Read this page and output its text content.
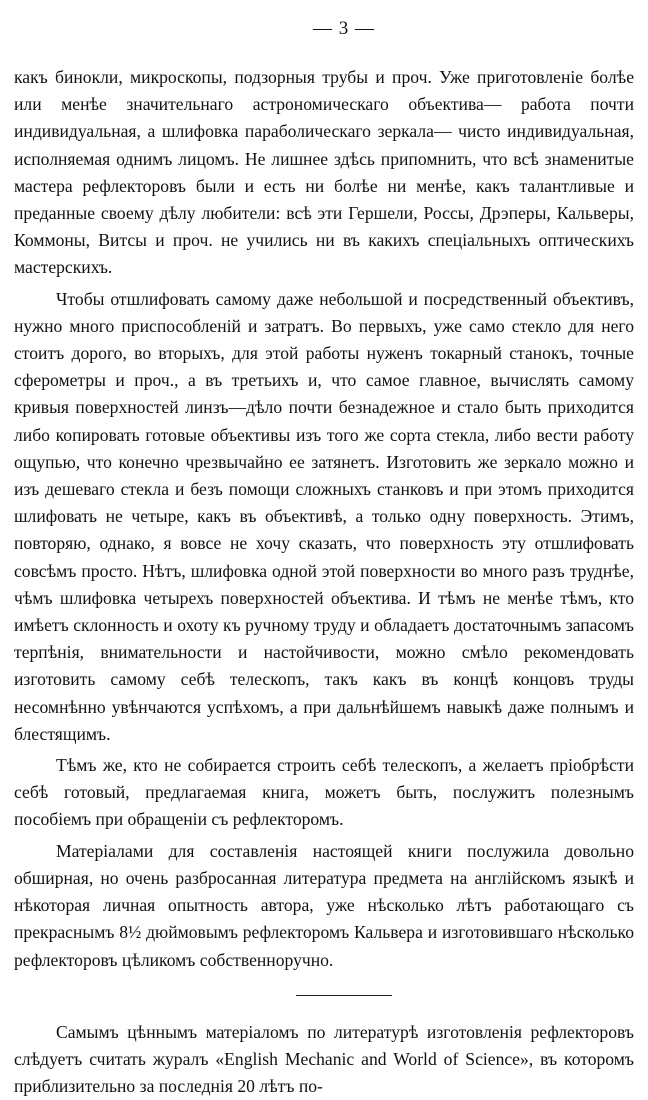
— 3 —

какъ бинокли, микроскопы, подзорныя трубы и проч. Уже приготовленіе болѣе или менѣе значительнаго астрономическаго объектива— работа почти индивидуальная, а шлифовка параболическаго зеркала— чисто индивидуальная, исполняемая однимъ лицомъ. Не лишнее здѣсь припомнить, что всѣ знаменитые мастера рефлекторовъ были и есть ни болѣе ни менѣе, какъ талантливые и преданные своему дѣлу любители: всѣ эти Гершели, Россы, Дрэперы, Кальверы, Коммоны, Витсы и проч. не учились ни въ какихъ спеціальныхъ оптическихъ мастерскихъ.

Чтобы отшлифовать самому даже небольшой и посредственный объективъ, нужно много приспособленій и затратъ. Во первыхъ, уже само стекло для него стоитъ дорого, во вторыхъ, для этой работы нуженъ токарный станокъ, точные сферометры и проч., а въ третьихъ и, что самое главное, вычислять самому кривыя поверхностей линзъ—дѣло почти безнадежное и стало быть приходится либо копировать готовые объективы изъ того же сорта стекла, либо вести работу ощупью, что конечно чрезвычайно ее затянетъ. Изготовить же зеркало можно и изъ дешеваго стекла и безъ помощи сложныхъ станковъ и при этомъ приходится шлифовать не четыре, какъ въ объективѣ, а только одну поверхность. Этимъ, повторяю, однако, я вовсе не хочу сказать, что поверхность эту отшлифовать совсѣмъ просто. Нѣтъ, шлифовка одной этой поверхности во много разъ труднѣе, чѣмъ шлифовка четырехъ поверхностей объектива. И тѣмъ не менѣе тѣмъ, кто имѣетъ склонность и охоту къ ручному труду и обладаетъ достаточнымъ запасомъ терпѣнія, внимательности и настойчивости, можно смѣло рекомендовать изготовить самому себѣ телескопъ, такъ какъ въ концѣ концовъ труды несомнѣнно увѣнчаются успѣхомъ, а при дальнѣйшемъ навыкѣ даже полнымъ и блестящимъ.

Тѣмъ же, кто не собирается строить себѣ телескопъ, а желаетъ пріобрѣсти себѣ готовый, предлагаемая книга, можетъ быть, послужитъ полезнымъ пособіемъ при обращеніи съ рефлекторомъ.

Матеріалами для составленія настоящей книги послужила довольно обширная, но очень разбросанная литература предмета на англійскомъ языкѣ и нѣкоторая личная опытность автора, уже нѣсколько лѣтъ работающаго съ прекраснымъ 8½ дюймовымъ рефлекторомъ Кальвера и изготовившаго нѣсколько рефлекторовъ цѣликомъ собственноручно.

Самымъ цѣннымъ матеріаломъ по литературѣ изготовленія рефлекторовъ слѣдуетъ считать журалъ «English Mechanic and World of Science», въ которомъ приблизительно за последнія 20 лѣтъ по-
